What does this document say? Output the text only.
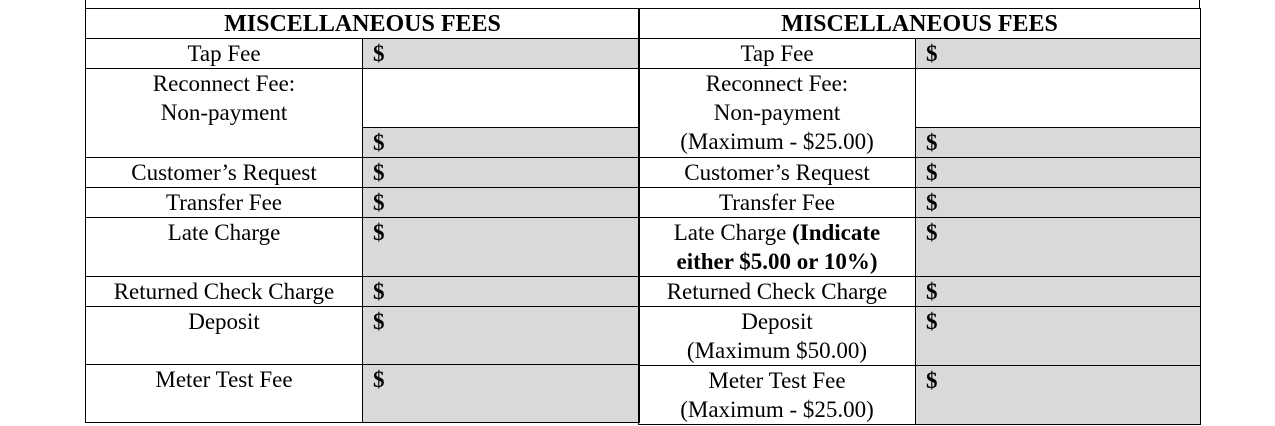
MISCELLANEOUS FEES	
Tap Fee	$
Reconnect Fee:	
Non-payment	
	$
Customer’s Request	$
Transfer Fee	$
Late Charge	$
Returned Check Charge	$
Deposit	$
Meter Test Fee	$
MISCELLANEOUS FEES	
Tap Fee	$
Reconnect Fee:	
Non-payment	
(Maximum - $25.00)	$
Customer’s Request	$
Transfer Fee	$
Late Charge (Indicate
either $5.00 or 10%)	$
Returned Check Charge	$
Deposit
(Maximum $50.00)	$
Meter Test Fee
(Maximum - $25.00)	$
